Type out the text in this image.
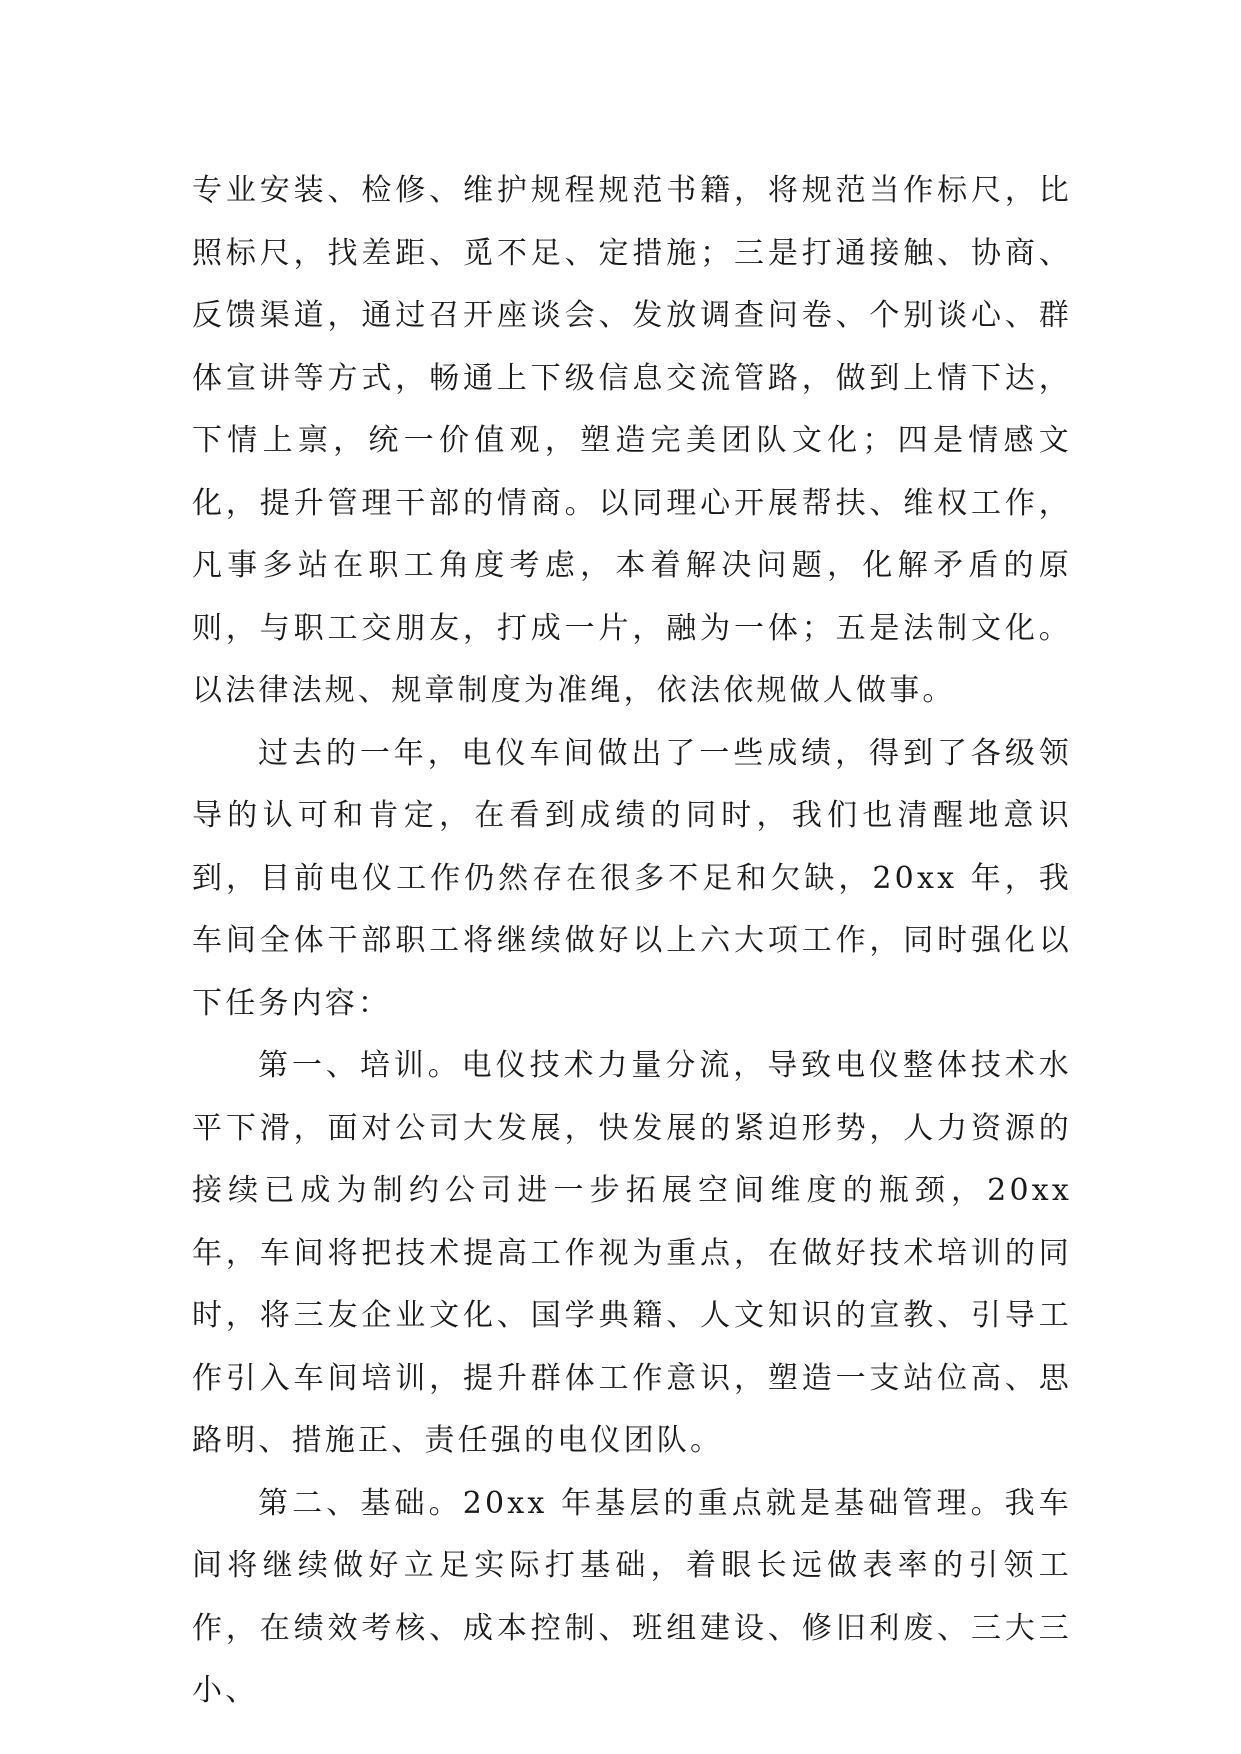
专业安装、检修、维护规程规范书籍，将规范当作标尺，比照标尺，找差距、觅不足、定措施；三是打通接触、协商、反馈渠道，通过召开座谈会、发放调查问卷、个别谈心、群体宣讲等方式，畅通上下级信息交流管路，做到上情下达，下情上禀，统一价值观，塑造完美团队文化；四是情感文化，提升管理干部的情商。以同理心开展帮扶、维权工作，凡事多站在职工角度考虑，本着解决问题，化解矛盾的原则，与职工交朋友，打成一片，融为一体；五是法制文化。以法律法规、规章制度为准绳，依法依规做人做事。

过去的一年，电仪车间做出了一些成绩，得到了各级领导的认可和肯定，在看到成绩的同时，我们也清醒地意识到，目前电仪工作仍然存在很多不足和欠缺，20xx 年，我车间全体干部职工将继续做好以上六大项工作，同时强化以下任务内容：

第一、培训。电仪技术力量分流，导致电仪整体技术水平下滑，面对公司大发展，快发展的紧迫形势，人力资源的接续已成为制约公司进一步拓展空间维度的瓶颈，20xx 年，车间将把技术提高工作视为重点，在做好技术培训的同时，将三友企业文化、国学典籍、人文知识的宣教、引导工作引入车间培训，提升群体工作意识，塑造一支站位高、思路明、措施正、责任强的电仪团队。

第二、基础。20xx 年基层的重点就是基础管理。我车间将继续做好立足实际打基础，着眼长远做表率的引领工作，在绩效考核、成本控制、班组建设、修旧利废、三大三小、
